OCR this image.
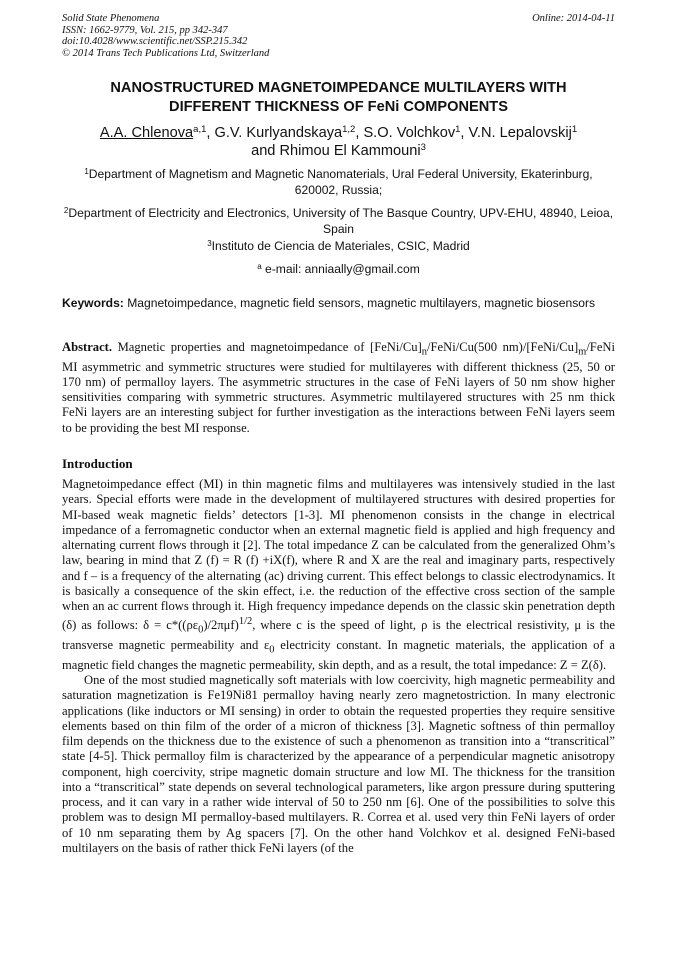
Solid State Phenomena	Online: 2014-04-11
ISSN: 1662-9779, Vol. 215, pp 342-347
doi:10.4028/www.scientific.net/SSP.215.342
© 2014 Trans Tech Publications Ltd, Switzerland
NANOSTRUCTURED MAGNETOIMPEDANCE MULTILAYERS WITH
DIFFERENT THICKNESS OF FeNi COMPONENTS
A.A. Chlenova$^{a,1}$, G.V. Kurlyandskaya$^{1,2}$, S.O. Volchkov$^1$, V.N. Lepalovskij$^1$
and Rhimou El Kammouni$^3$
$^1$Department of Magnetism and Magnetic Nanomaterials, Ural Federal University, Ekaterinburg, 620002, Russia;
$^2$Department of Electricity and Electronics, University of The Basque Country, UPV-EHU, 48940, Leioa, Spain
$^3$Instituto de Ciencia de Materiales, CSIC, Madrid
$^a$ e-mail: anniaally@gmail.com
Keywords: Magnetoimpedance, magnetic field sensors, magnetic multilayers, magnetic biosensors
Abstract. Magnetic properties and magnetoimpedance of $[FeNi/Cu]_n/FeNi/Cu(500$ $nm)/[FeNi/Cu]_m$/FeNi MI asymmetric and symmetric structures were studied for multilayeres with different thickness (25, 50 or 170 nm) of permalloy layers. The asymmetric structures in the case of FeNi layers of 50 nm show higher sensitivities comparing with symmetric structures. Asymmetric multilayered structures with 25 nm thick FeNi layers are an interesting subject for further investigation as the interactions between FeNi layers seem to be providing the best MI response.
Introduction

Magnetoimpedance effect (MI) in thin magnetic films and multilayeres was intensively studied in the last years. Special efforts were made in the development of multilayered structures with desired properties for MI-based weak magnetic fields’ detectors [1-3]. MI phenomenon consists in the change in electrical impedance of a ferromagnetic conductor when an external magnetic field is applied and high frequency and alternating current flows through it [2]. The total impedance Z can be calculated from the generalized Ohm’s law, bearing in mind that Z (f) = R (f) +iX(f), where R and X are the real and imaginary parts, respectively and f – is a frequency of the alternating (ac) driving current. This effect belongs to classic electrodynamics. It is basically a consequence of the skin effect, i.e. the reduction of the effective cross section of the sample when an ac current flows through it. High frequency impedance depends on the classic skin penetration depth (δ) as follows: $\delta = c*((\rho\varepsilon_0)/2\pi\mu f)^{1/2}$, where c is the speed of light, ρ is the electrical resistivity, μ is the transverse magnetic permeability and $\varepsilon_0$ electricity constant. In magnetic materials, the application of a magnetic field changes the magnetic permeability, skin depth, and as a result, the total impedance: Z = Z(δ).

One of the most studied magnetically soft materials with low coercivity, high magnetic permeability and saturation magnetization is Fe19Ni81 permalloy having nearly zero magnetostriction. In many electronic applications (like inductors or MI sensing) in order to obtain the requested properties they require sensitive elements based on thin film of the order of a micron of thickness [3]. Magnetic softness of thin permalloy film depends on the thickness due to the existence of such a phenomenon as transition into a “transcritical” state [4-5]. Thick permalloy film is characterized by the appearance of a perpendicular magnetic anisotropy component, high coercivity, stripe magnetic domain structure and low MI. The thickness for the transition into a “transcritical” state depends on several technological parameters, like argon pressure during sputtering process, and it can vary in a rather wide interval of 50 to 250 nm [6]. One of the possibilities to solve this problem was to design MI permalloy-based multilayers. R. Correa et al. used very thin FeNi layers of order of 10 nm separating them by Ag spacers [7]. On the other hand Volchkov et al. designed FeNi-based multilayers on the basis of rather thick FeNi layers (of the
